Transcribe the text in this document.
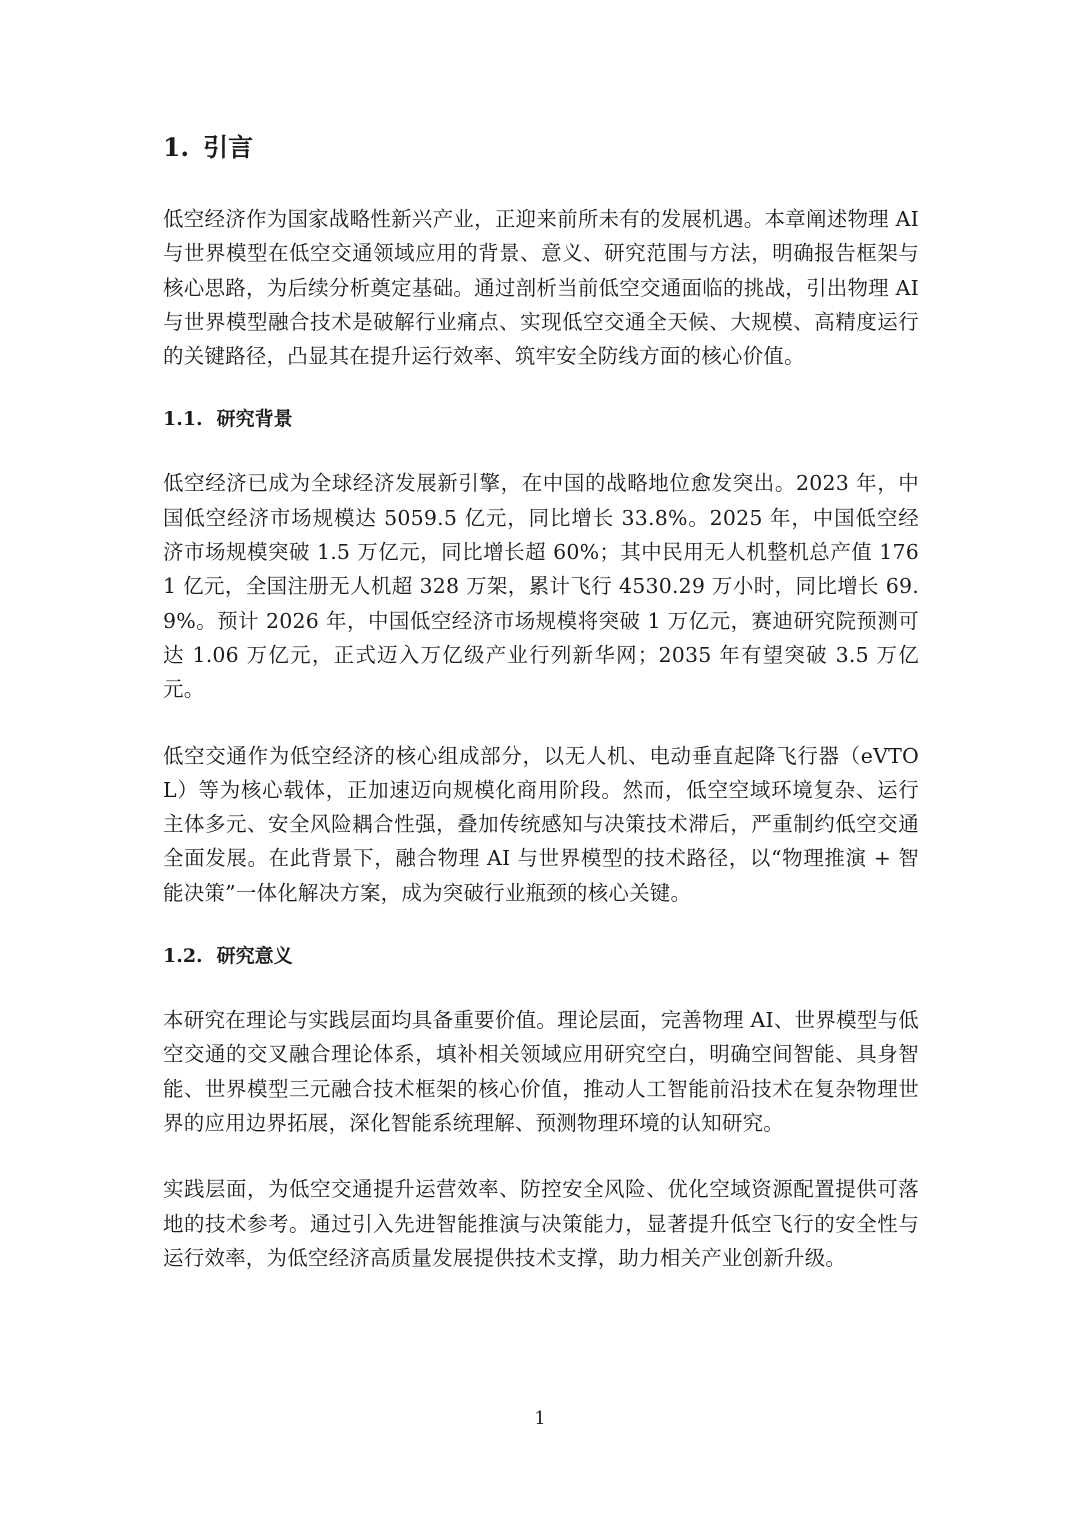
1. 引言

低空经济作为国家战略性新兴产业，正迎来前所未有的发展机遇。本章阐述物理 AI 与世界模型在低空交通领域应用的背景、意义、研究范围与方法，明确报告框架与核心思路，为后续分析奠定基础。通过剖析当前低空交通面临的挑战，引出物理 AI 与世界模型融合技术是破解行业痛点、实现低空交通全天候、大规模、高精度运行的关键路径，凸显其在提升运行效率、筑牢安全防线方面的核心价值。

1.1. 研究背景

低空经济已成为全球经济发展新引擎，在中国的战略地位愈发突出。2023 年，中国低空经济市场规模达 5059.5 亿元，同比增长 33.8%。2025 年，中国低空经济市场规模突破 1.5 万亿元，同比增长超 60%；其中民用无人机整机总产值 1761 亿元，全国注册无人机超 328 万架，累计飞行 4530.29 万小时，同比增长 69.9%。预计 2026 年，中国低空经济市场规模将突破 1 万亿元，赛迪研究院预测可达 1.06 万亿元，正式迈入万亿级产业行列新华网；2035 年有望突破 3.5 万亿元。

低空交通作为低空经济的核心组成部分，以无人机、电动垂直起降飞行器（eVTOL）等为核心载体，正加速迈向规模化商用阶段。然而，低空空域环境复杂、运行主体多元、安全风险耦合性强，叠加传统感知与决策技术滞后，严重制约低空交通全面发展。在此背景下，融合物理 AI 与世界模型的技术路径，以“物理推演 + 智能决策”一体化解决方案，成为突破行业瓶颈的核心关键。

1.2. 研究意义

本研究在理论与实践层面均具备重要价值。理论层面，完善物理 AI、世界模型与低空交通的交叉融合理论体系，填补相关领域应用研究空白，明确空间智能、具身智能、世界模型三元融合技术框架的核心价值，推动人工智能前沿技术在复杂物理世界的应用边界拓展，深化智能系统理解、预测物理环境的认知研究。

实践层面，为低空交通提升运营效率、防控安全风险、优化空域资源配置提供可落地的技术参考。通过引入先进智能推演与决策能力，显著提升低空飞行的安全性与运行效率，为低空经济高质量发展提供技术支撑，助力相关产业创新升级。

1
